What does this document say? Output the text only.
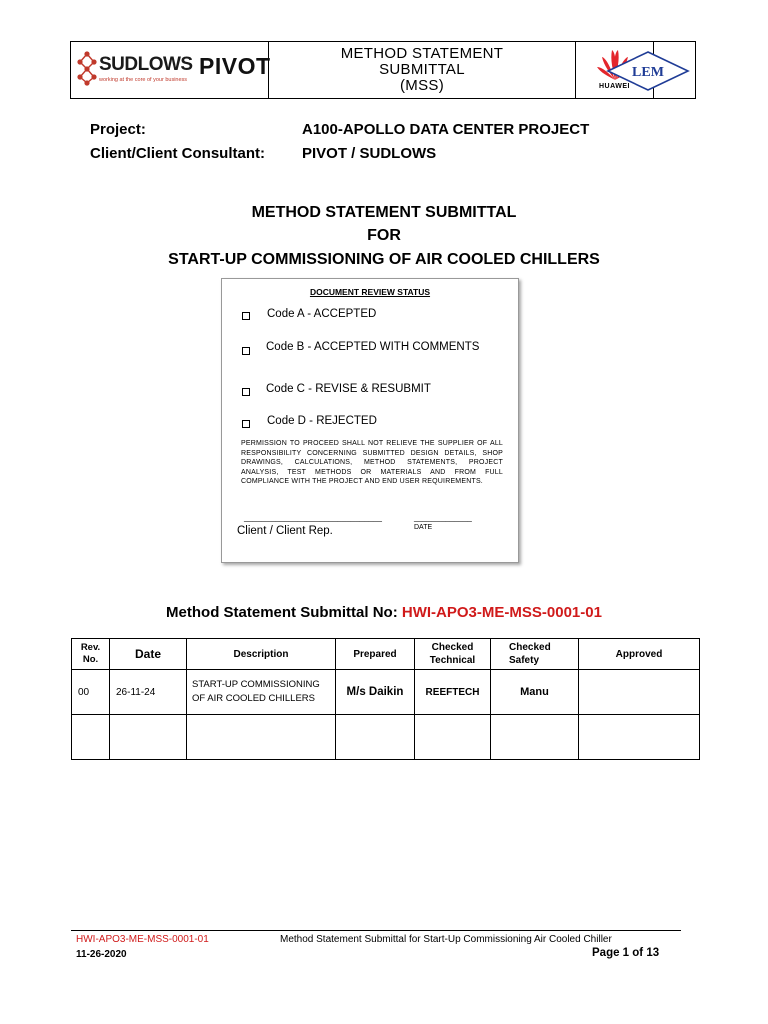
SUDLOWS
working at the core of your business
PIVOT	METHOD STATEMENT
SUBMITTAL
(MSS)	HUAWEI
LEM
Project:	A100-APOLLO DATA CENTER PROJECT
Client/Client Consultant: PIVOT / SUDLOWS
METHOD STATEMENT SUBMITTAL
FOR
START-UP COMMISSIONING OF AIR COOLED CHILLERS
DOCUMENT REVIEW STATUS
Code A - ACCEPTED
Code B - ACCEPTED WITH COMMENTS
Code C - REVISE & RESUBMIT
Code D - REJECTED
PERMISSION TO PROCEED SHALL NOT RELIEVE THE SUPPLIER OF ALL RESPONSIBILITY CONCERNING SUBMITTED DESIGN DETAILS, SHOP DRAWINGS, CALCULATIONS, METHOD STATEMENTS, PROJECT ANALYSIS, TEST METHODS OR MATERIALS AND FROM FULL COMPLIANCE WITH THE PROJECT AND END USER REQUIREMENTS.
_______________________________	_____________
Client / Client Rep.	DATE
Method Statement Submittal No: HWI-APO3-ME-MSS-0001-01
Rev. No.	Date	Description	Prepared	Checked Technical	Checked Safety	Approved
00	26-11-24	START-UP COMMISSIONING OF AIR COOLED CHILLERS	M/s Daikin	REEFTECH	Manu	

HWI-APO3-ME-MSS-0001-01	Method Statement Submittal for Start-Up Commissioning Air Cooled Chiller
11-26-2020	Page 1 of 13
